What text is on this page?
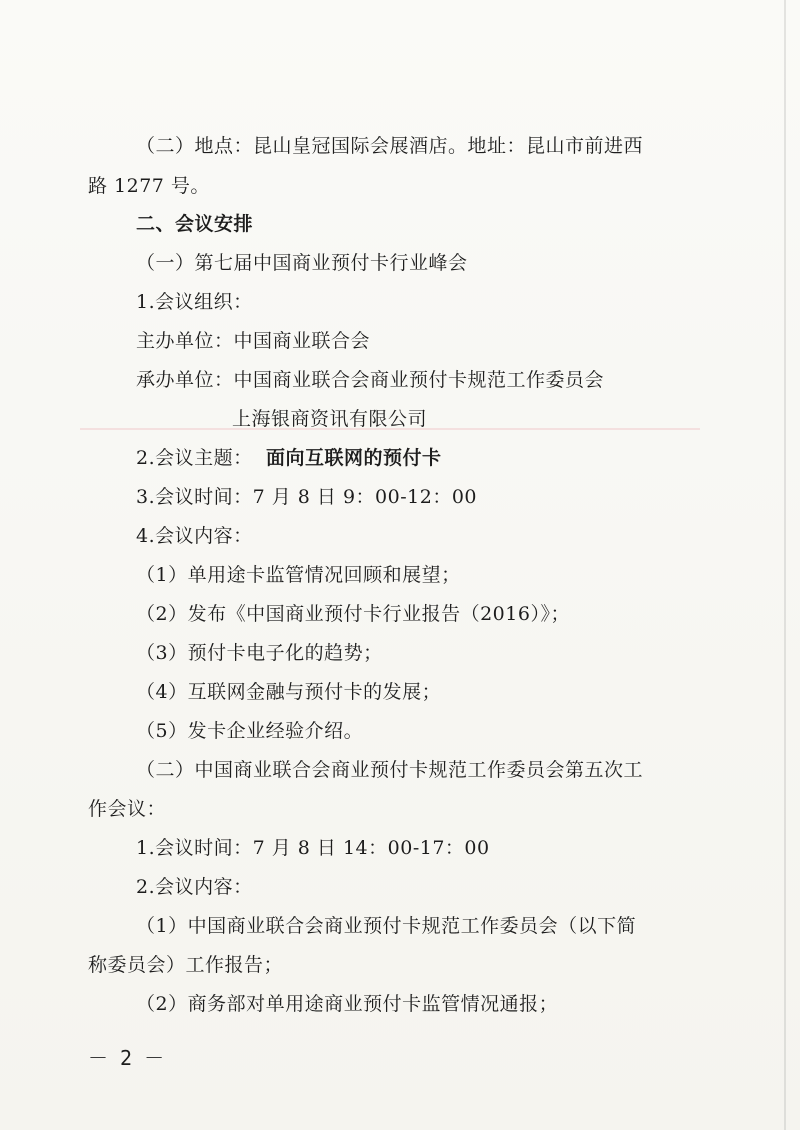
（二）地点：昆山皇冠国际会展酒店。地址：昆山市前进西
路 1277 号。
二、会议安排
（一）第七届中国商业预付卡行业峰会
1.会议组织：
主办单位：中国商业联合会
承办单位：中国商业联合会商业预付卡规范工作委员会
上海银商资讯有限公司
2.会议主题： 面向互联网的预付卡
3.会议时间：7 月 8 日 9：00-12：00
4.会议内容：
（1）单用途卡监管情况回顾和展望；
（2）发布《中国商业预付卡行业报告（2016）》；
（3）预付卡电子化的趋势；
（4）互联网金融与预付卡的发展；
（5）发卡企业经验介绍。
（二）中国商业联合会商业预付卡规范工作委员会第五次工
作会议：
1.会议时间：7 月 8 日 14：00-17：00
2.会议内容：
（1）中国商业联合会商业预付卡规范工作委员会（以下简
称委员会）工作报告；
（2）商务部对单用途商业预付卡监管情况通报；
－ 2 －
